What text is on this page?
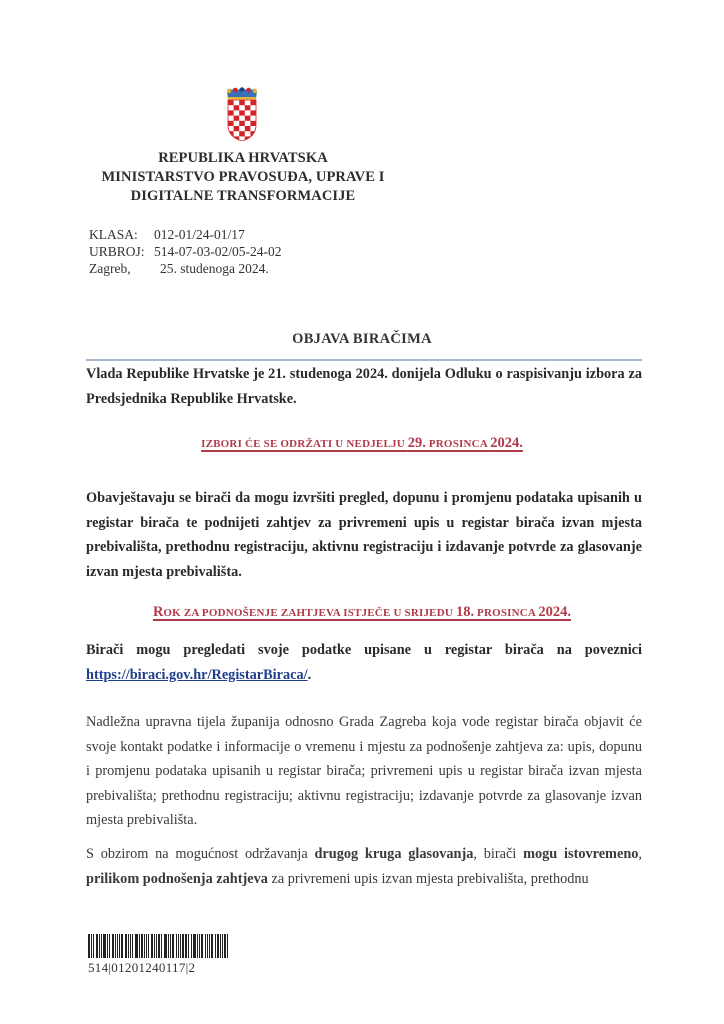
REPUBLIKA HRVATSKA
MINISTARSTVO PRAVOSUĐA, UPRAVE I
DIGITALNE TRANSFORMACIJE
KLASA:	012-01/24-01/17
URBROJ: 514-07-03-02/05-24-02
Zagreb,	25. studenoga 2024.
OBJAVA BIRAČIMA
Vlada Republike Hrvatske je 21. studenoga 2024. donijela Odluku o raspisivanju izbora za Predsjednika Republike Hrvatske.
IZBORI ĆE SE ODRŽATI U NEDJELJU 29. PROSINCA 2024.
Obavještavaju se birači da mogu izvršiti pregled, dopunu i promjenu podataka upisanih u registar birača te podnijeti zahtjev za privremeni upis u registar birača izvan mjesta prebivališta, prethodnu registraciju, aktivnu registraciju i izdavanje potvrde za glasovanje izvan mjesta prebivališta.
ROK ZA PODNOŠENJE ZAHTJEVA ISTJEČE U SRIJEDU 18. PROSINCA 2024.
Birači mogu pregledati svoje podatke upisane u registar birača na poveznici https://biraci.gov.hr/RegistarBiraca/.
Nadležna upravna tijela županija odnosno Grada Zagreba koja vode registar birača objavit će svoje kontakt podatke i informacije o vremenu i mjestu za podnošenje zahtjeva za: upis, dopunu i promjenu podataka upisanih u registar birača; privremeni upis u registar birača izvan mjesta prebivališta; prethodnu registraciju; aktivnu registraciju; izdavanje potvrde za glasovanje izvan mjesta prebivališta.
S obzirom na mogućnost održavanja drugog kruga glasovanja, birači mogu istovremeno, prilikom podnošenja zahtjeva za privremeni upis izvan mjesta prebivališta, prethodnu
514|01201240117|2
